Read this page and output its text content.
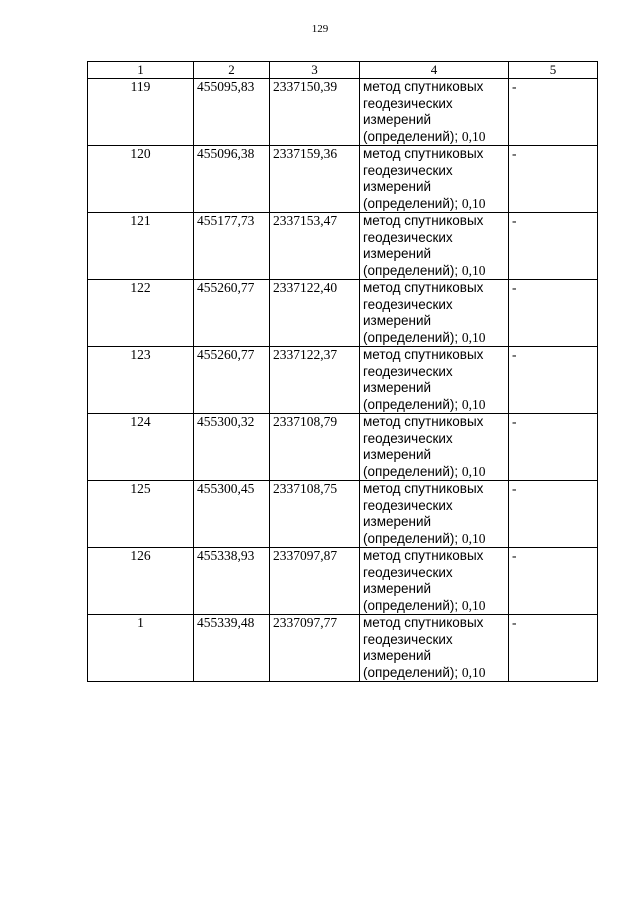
129
1	2	3	4	5
119	455095,83	2337150,39	метод спутниковых
геодезических
измерений
(определений); 0,10	-
120	455096,38	2337159,36	метод спутниковых
геодезических
измерений
(определений); 0,10	-
121	455177,73	2337153,47	метод спутниковых
геодезических
измерений
(определений); 0,10	-
122	455260,77	2337122,40	метод спутниковых
геодезических
измерений
(определений); 0,10	-
123	455260,77	2337122,37	метод спутниковых
геодезических
измерений
(определений); 0,10	-
124	455300,32	2337108,79	метод спутниковых
геодезических
измерений
(определений); 0,10	-
125	455300,45	2337108,75	метод спутниковых
геодезических
измерений
(определений); 0,10	-
126	455338,93	2337097,87	метод спутниковых
геодезических
измерений
(определений); 0,10	-
1	455339,48	2337097,77	метод спутниковых
геодезических
измерений
(определений); 0,10	-
